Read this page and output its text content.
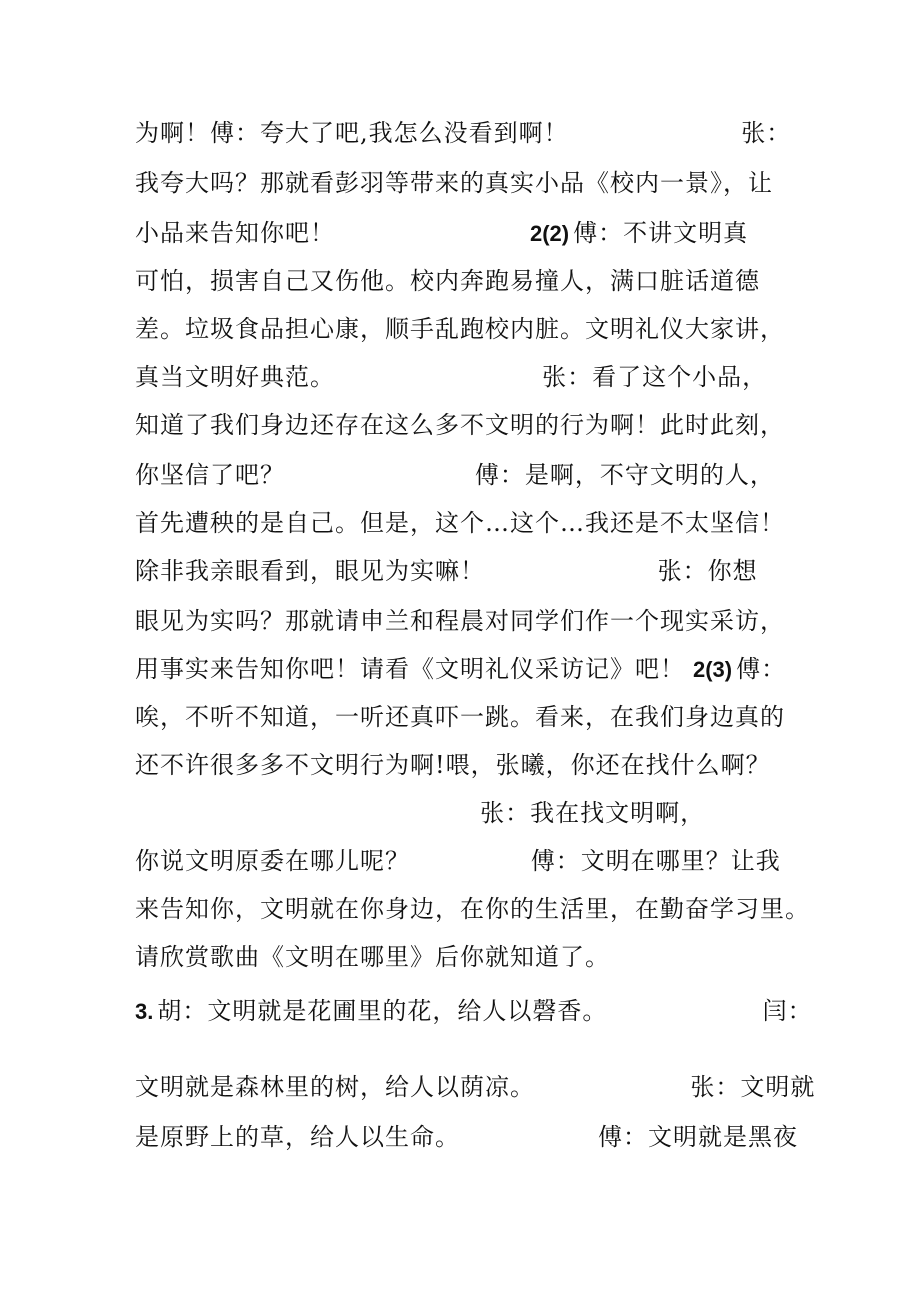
为啊！傅：夸大了吧,我怎么没看到啊！                    张：
我夸大吗？那就看彭羽等带来的真实小品《校内一景》，让
小品来告知你吧！	2(2) 傅：不讲文明真
可怕，损害自己又伤他。校内奔跑易撞人，满口脏话道德
差。垃圾食品担心康，顺手乱跑校内脏。文明礼仪大家讲，
真当文明好典范。                        张：看了这个小品，
知道了我们身边还存在这么多不文明的行为啊！此时此刻，
你坚信了吧？                      傅：是啊，不守文明的人，
首先遭秧的是自己。但是，这个…这个…我还是不太坚信！
除非我亲眼看到，眼见为实嘛！                    张：你想
眼见为实吗？那就请申兰和程晨对同学们作一个现实采访，
用事实来告知你吧！请看《文明礼仪采访记》吧！ 2(3) 傅：
唉，不听不知道，一听还真吓一跳。看来，在我们身边真的
还不许很多多不文明行为啊!喂，张曦，你还在找什么啊？
张：我在找文明啊，
你说文明原委在哪儿呢？              傅：文明在哪里？让我
来告知你，文明就在你身边，在你的生活里，在勤奋学习里。
请欣赏歌曲《文明在哪里》后你就知道了。
3. 胡：文明就是花圃里的花，给人以磬香。                  闫：
文明就是森林里的树，给人以荫凉。                  张：文明就
是原野上的草，给人以生命。                傅：文明就是黑夜
